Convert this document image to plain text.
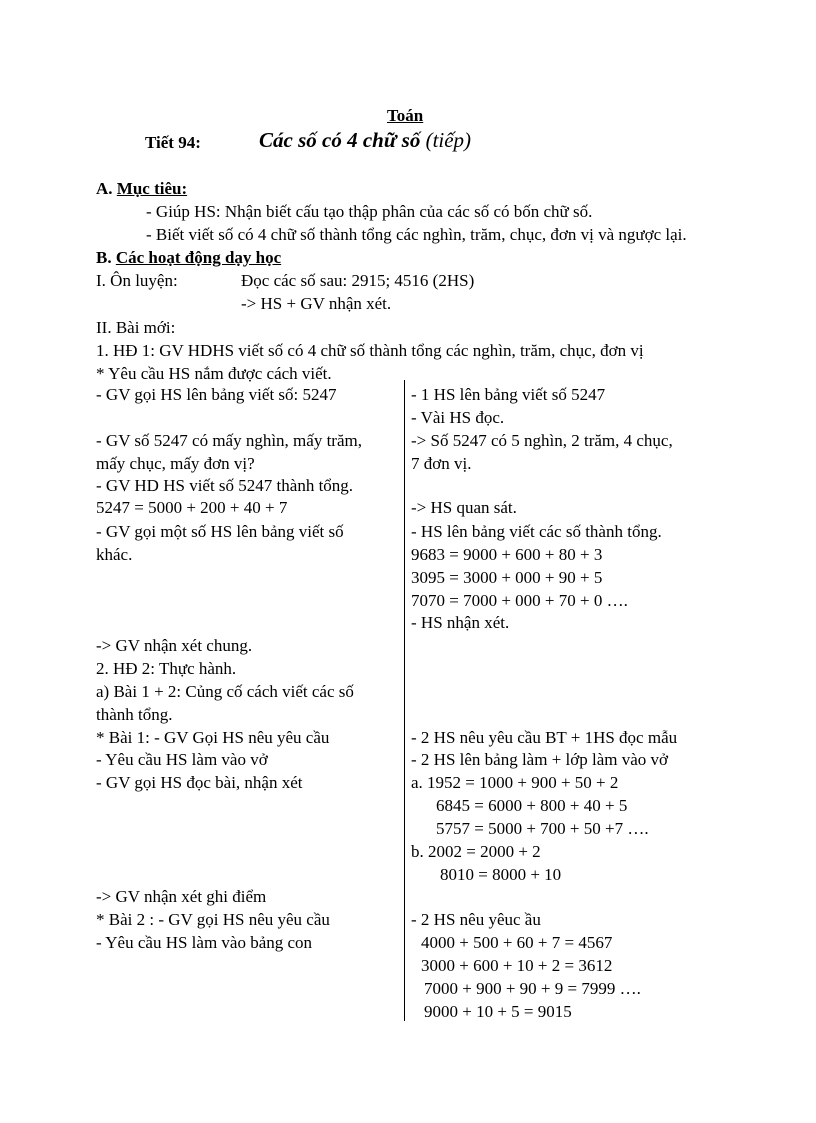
Toán
Tiết 94:	Các số có 4 chữ số (tiếp)
A. Mục tiêu:
- Giúp HS: Nhận biết cấu tạo thập phân của các số có bốn chữ số.
- Biết viết số có 4 chữ số thành tổng các nghìn, trăm, chục, đơn vị và ngược lại.
B. Các hoạt động dạy học
I. Ôn luyện:	Đọc các số sau: 2915; 4516 (2HS)
-> HS + GV nhận xét.
II. Bài mới:
1. HĐ 1: GV HDHS viết số có 4 chữ số thành tổng các nghìn, trăm, chục, đơn vị
* Yêu cầu HS nắm được cách viết.
- GV gọi HS lên bảng viết số: 5247
- GV số 5247 có mấy nghìn, mấy trăm,
mấy chục, mấy đơn vị?
- GV HD HS viết số 5247 thành tổng.
5247 = 5000 + 200 + 40 + 7
- GV gọi một số HS lên bảng viết số
khác.
-> GV nhận xét chung.
2. HĐ 2: Thực hành.
a) Bài 1 + 2: Củng cố cách viết các số
thành tổng.
* Bài 1: - GV Gọi HS nêu yêu cầu
- Yêu cầu HS làm vào vở
- GV gọi HS đọc bài, nhận xét
-> GV nhận xét ghi điểm
* Bài 2 : - GV gọi HS nêu yêu cầu
- Yêu cầu HS làm vào bảng con
- 1 HS lên bảng viết số 5247
- Vài HS đọc.
-> Số 5247 có 5 nghìn, 2 trăm, 4 chục,
7 đơn vị.
-> HS quan sát.
- HS lên bảng viết các số thành tổng.
9683 = 9000 + 600 + 80 + 3
3095 = 3000 + 000 + 90 + 5
7070 = 7000 + 000 + 70 + 0 ….
- HS nhận xét.
- 2 HS nêu yêu cầu BT + 1HS đọc mẫu
- 2 HS lên bảng làm + lớp làm vào vở
a. 1952 = 1000 + 900 + 50 + 2
6845 = 6000 + 800 + 40 + 5
5757 = 5000 + 700 + 50 +7 ….
b. 2002 = 2000 + 2
8010 = 8000 + 10
- 2 HS nêu yêuc ầu
4000 + 500 + 60 + 7 = 4567
3000 + 600 + 10 + 2 = 3612
7000 + 900 + 90 + 9 = 7999 ….
9000 + 10 + 5 = 9015
